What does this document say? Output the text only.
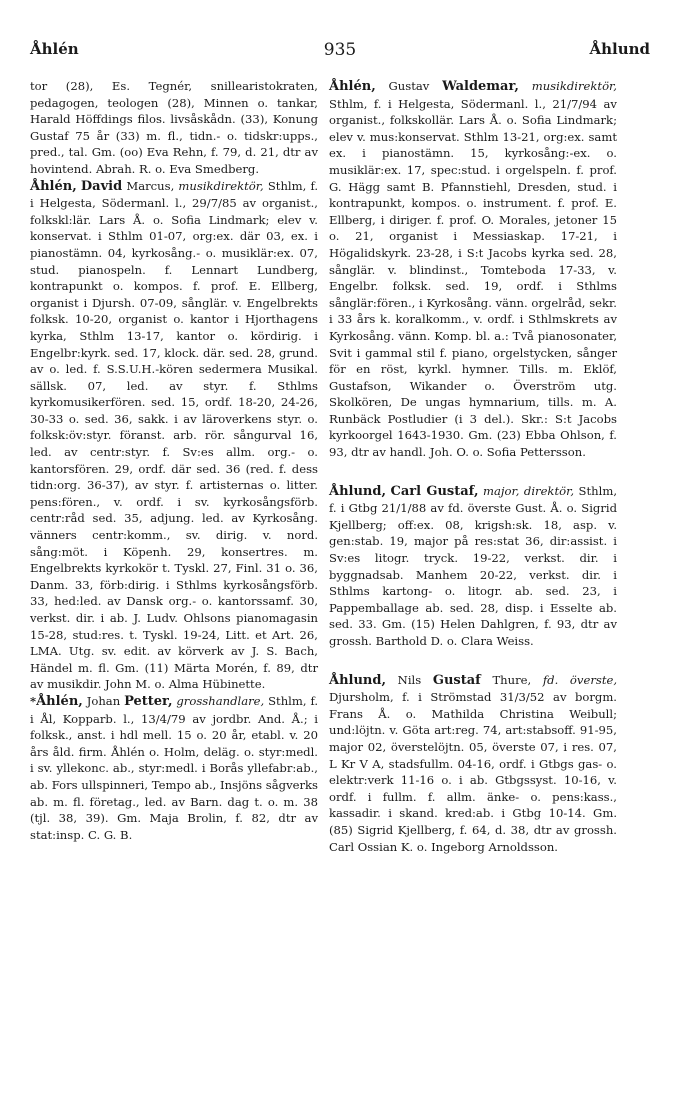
Åhlén	935	Åhlund

tor (28), Es. Tegnér, snillearistokraten, pedagogen, teologen (28), Minnen o. tankar, Harald Höffdings filos. livsåskådn. (33), Konung Gustaf 75 år (33) m. fl., tidn.- o. tidskr:upps., pred., tal. Gm. (oo) Eva Rehn, f. 79, d. 21, dtr av hovintend. Abrah. R. o. Eva Smedberg.

Åhlén, David Marcus, musikdirektör, Sthlm, f. i Helgesta, Södermanl. l., 29/7/85 av organist., folkskl:lär. Lars Å. o. Sofia Lindmark; elev v. konservat. i Sthlm 01-07, org:ex. där 03, ex. i pianostämn. 04, kyrkosång.- o. musiklär:ex. 07, stud. pianospeln. f. Lennart Lundberg, kontrapunkt o. kompos. f. prof. E. Ellberg, organist i Djursh. 07-09, sånglär. v. Engelbrekts folksk. 10-20, organist o. kantor i Hjorthagens kyrka, Sthlm 13-17, kantor o. kördirig. i Engelbr:kyrk. sed. 17, klock. där. sed. 28, grund. av o. led. f. S.S.U.H.-kören sedermera Musikal. sällsk. 07, led. av styr. f. Sthlms kyrkomusikerfören. sed. 15, ordf. 18-20, 24-26, 30-33 o. sed. 36, sakk. i av läroverkens styr. o. folksk:öv:styr. föranst. arb. rör. sångurval 16, led. av centr:styr. f. Sv:es allm. org.- o. kantorsfören. 29, ordf. där sed. 36 (red. f. dess tidn:org. 36-37), av styr. f. artisternas o. litter. pens:fören., v. ordf. i sv. kyrkosångsförb. centr:råd sed. 35, adjung. led. av Kyrkosång. vänners centr:komm., sv. dirig. v. nord. sång:möt. i Köpenh. 29, konsertres. m. Engelbrekts kyrkokör t. Tyskl. 27, Finl. 31 o. 36, Danm. 33, förb:dirig. i Sthlms kyrkosångsförb. 33, hed:led. av Dansk org.- o. kantorssamf. 30, verkst. dir. i ab. J. Ludv. Ohlsons pianomagasin 15-28, stud:res. t. Tyskl. 19-24, Litt. et Art. 26, LMA. Utg. sv. edit. av körverk av J. S. Bach, Händel m. fl. Gm. (11) Märta Morén, f. 89, dtr av musikdir. John M. o. Alma Hübinette.

*Åhlén, Johan Petter, grosshandlare, Sthlm, f. i Ål, Kopparb. l., 13/4/79 av jordbr. And. Å.; i folksk., anst. i hdl mell. 15 o. 20 år, etabl. v. 20 års åld. firm. Åhlén o. Holm, deläg. o. styr:medl. i sv. yllekonc. ab., styr:medl. i Borås yllefabr:ab., ab. Fors ullspinneri, Tempo ab., Insjöns sågverks ab. m. fl. företag., led. av Barn. dag t. o. m. 38 (tjl. 38, 39). Gm. Maja Brolin, f. 82, dtr av stat:insp. C. G. B.

Åhlén, Gustav Waldemar, musikdirektör, Sthlm, f. i Helgesta, Södermanl. l., 21/7/94 av organist., folkskollär. Lars Å. o. Sofia Lindmark; elev v. mus:konservat. Sthlm 13-21, org:ex. samt ex. i pianostämn. 15, kyrkosång:-ex. o. musiklär:ex. 17, spec:stud. i orgelspeln. f. prof. G. Hägg samt B. Pfannstiehl, Dresden, stud. i kontrapunkt, kompos. o. instrument. f. prof. E. Ellberg, i diriger. f. prof. O. Morales, jetoner 15 o. 21, organist i Messiaskap. 17-21, i Högalidskyrk. 23-28, i S:t Jacobs kyrka sed. 28, sånglär. v. blindinst., Tomteboda 17-33, v. Engelbr. folksk. sed. 19, ordf. i Sthlms sånglär:fören., i Kyrkosång. vänn. orgelråd, sekr. i 33 års k. koralkomm., v. ordf. i Sthlmskrets av Kyrkosång. vänn. Komp. bl. a.: Två pianosonater, Svit i gammal stil f. piano, orgelstycken, sånger för en röst, kyrkl. hymner. Tills. m. Eklöf, Gustafson, Wikander o. Överström utg. Skolkören, De ungas hymnarium, tills. m. A. Runbäck Postludier (i 3 del.). Skr.: S:t Jacobs kyrkoorgel 1643-1930. Gm. (23) Ebba Ohlson, f. 93, dtr av handl. Joh. O. o. Sofia Pettersson.

Åhlund, Carl Gustaf, major, direktör, Sthlm, f. i Gtbg 21/1/88 av fd. överste Gust. Å. o. Sigrid Kjellberg; off:ex. 08, krigsh:sk. 18, asp. v. gen:stab. 19, major på res:stat 36, dir:assist. i Sv:es litogr. tryck. 19-22, verkst. dir. i byggnadsab. Manhem 20-22, verkst. dir. i Sthlms kartong- o. litogr. ab. sed. 23, i Pappemballage ab. sed. 28, disp. i Esselte ab. sed. 33. Gm. (15) Helen Dahlgren, f. 93, dtr av grossh. Barthold D. o. Clara Weiss.

Åhlund, Nils Gustaf Thure, fd. överste, Djursholm, f. i Strömstad 31/3/52 av borgm. Frans Å. o. Mathilda Christina Weibull; und:löjtn. v. Göta art:reg. 74, art:stabsoff. 91-95, major 02, överstelöjtn. 05, överste 07, i res. 07, L Kr V A, stadsfullm. 04-16, ordf. i Gtbgs gas- o. elektr:verk 11-16 o. i ab. Gtbgssyst. 10-16, v. ordf. i fullm. f. allm. änke- o. pens:kass., kassadir. i skand. kred:ab. i Gtbg 10-14. Gm. (85) Sigrid Kjellberg, f. 64, d. 38, dtr av grossh. Carl Ossian K. o. Ingeborg Arnoldsson.
